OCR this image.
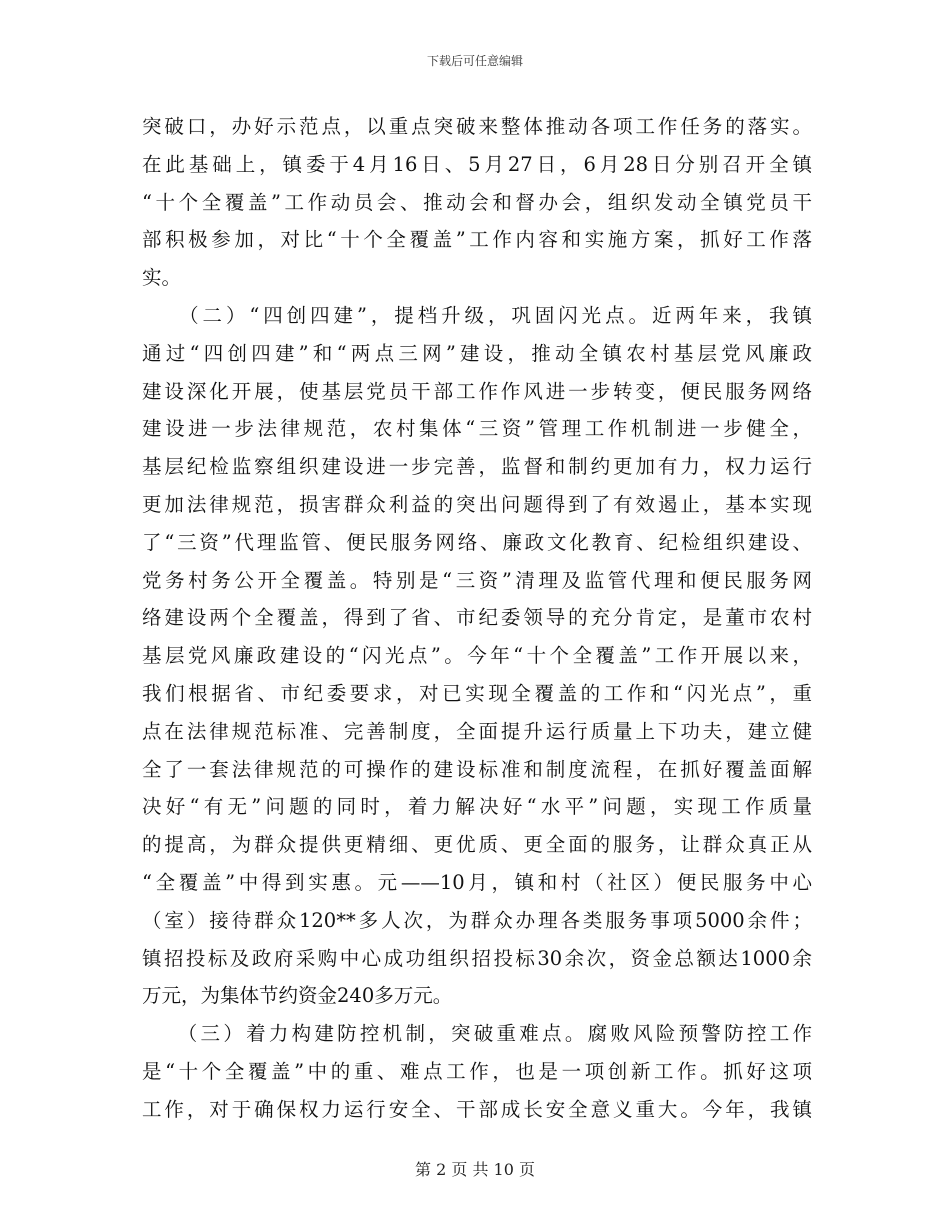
下载后可任意编辑
突破口，办好示范点，以重点突破来整体推动各项工作任务的落实。
在此基础上，镇委于4月16日、5月27日，6月28日分别召开全镇
“十个全覆盖”工作动员会、推动会和督办会，组织发动全镇党员干
部积极参加，对比“十个全覆盖”工作内容和实施方案，抓好工作落
实。
　　（二）“四创四建”，提档升级，巩固闪光点。近两年来，我镇
通过“四创四建”和“两点三网”建设，推动全镇农村基层党风廉政
建设深化开展，使基层党员干部工作作风进一步转变，便民服务网络
建设进一步法律规范，农村集体“三资”管理工作机制进一步健全，
基层纪检监察组织建设进一步完善，监督和制约更加有力，权力运行
更加法律规范，损害群众利益的突出问题得到了有效遏止，基本实现
了“三资”代理监管、便民服务网络、廉政文化教育、纪检组织建设、
党务村务公开全覆盖。特别是“三资”清理及监管代理和便民服务网
络建设两个全覆盖，得到了省、市纪委领导的充分肯定，是董市农村
基层党风廉政建设的“闪光点”。今年“十个全覆盖”工作开展以来，
我们根据省、市纪委要求，对已实现全覆盖的工作和“闪光点”，重
点在法律规范标准、完善制度，全面提升运行质量上下功夫，建立健
全了一套法律规范的可操作的建设标准和制度流程，在抓好覆盖面解
决好“有无”问题的同时，着力解决好“水平”问题，实现工作质量
的提高，为群众提供更精细、更优质、更全面的服务，让群众真正从
“全覆盖”中得到实惠。元——10月，镇和村（社区）便民服务中心
（室）接待群众120**多人次，为群众办理各类服务事项5000余件；
镇招投标及政府采购中心成功组织招投标30余次，资金总额达1000余
万元，为集体节约资金240多万元。
　　（三）着力构建防控机制，突破重难点。腐败风险预警防控工作
是“十个全覆盖”中的重、难点工作，也是一项创新工作。抓好这项
工作，对于确保权力运行安全、干部成长安全意义重大。今年，我镇
第 2 页 共 10 页
